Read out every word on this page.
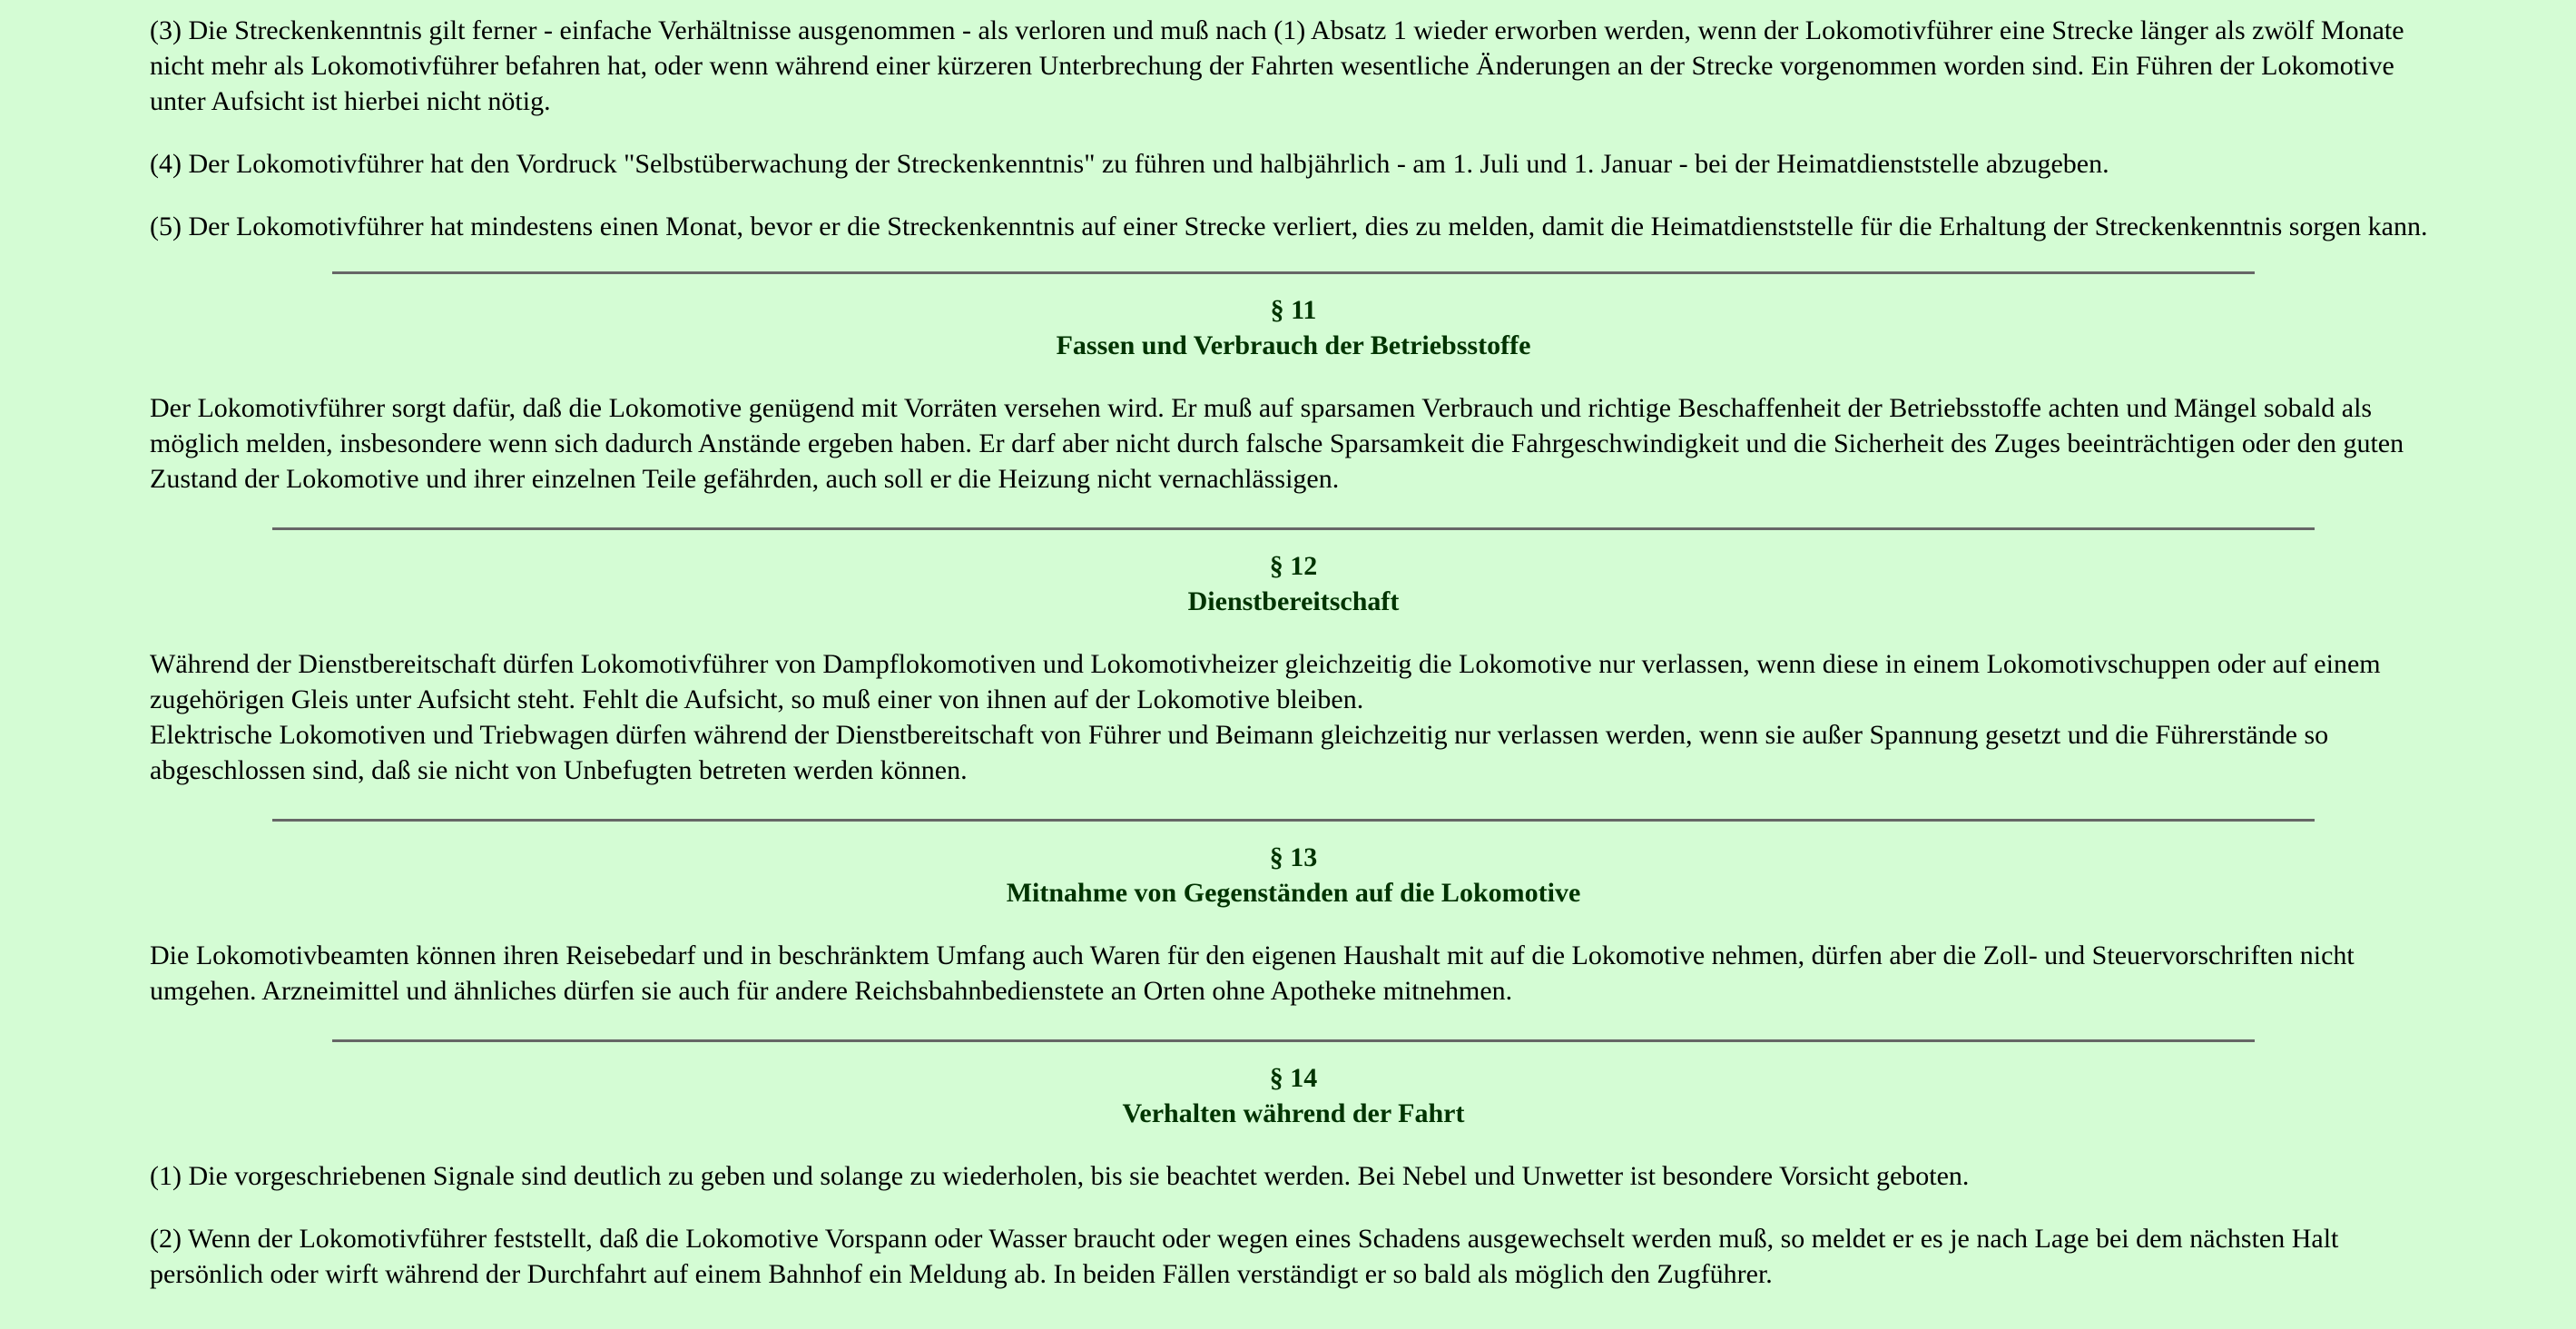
(3) Die Streckenkenntnis gilt ferner - einfache Verhältnisse ausgenommen - als verloren und muß nach (1) Absatz 1 wieder erworben werden, wenn der Lokomotivführer eine Strecke länger als zwölf Monate nicht mehr als Lokomotivführer befahren hat, oder wenn während einer kürzeren Unterbrechung der Fahrten wesentliche Änderungen an der Strecke vorgenommen worden sind. Ein Führen der Lokomotive unter Aufsicht ist hierbei nicht nötig.

(4) Der Lokomotivführer hat den Vordruck "Selbstüberwachung der Streckenkenntnis" zu führen und halbjährlich - am 1. Juli und 1. Januar - bei der Heimatdienststelle abzugeben.

(5) Der Lokomotivführer hat mindestens einen Monat, bevor er die Streckenkenntnis auf einer Strecke verliert, dies zu melden, damit die Heimatdienststelle für die Erhaltung der Streckenkenntnis sorgen kann.

§ 11
Fassen und Verbrauch der Betriebsstoffe

Der Lokomotivführer sorgt dafür, daß die Lokomotive genügend mit Vorräten versehen wird. Er muß auf sparsamen Verbrauch und richtige Beschaffenheit der Betriebsstoffe achten und Mängel sobald als möglich melden, insbesondere wenn sich dadurch Anstände ergeben haben. Er darf aber nicht durch falsche Sparsamkeit die Fahrgeschwindigkeit und die Sicherheit des Zuges beeinträchtigen oder den guten Zustand der Lokomotive und ihrer einzelnen Teile gefährden, auch soll er die Heizung nicht vernachlässigen.

§ 12
Dienstbereitschaft

Während der Dienstbereitschaft dürfen Lokomotivführer von Dampflokomotiven und Lokomotivheizer gleichzeitig die Lokomotive nur verlassen, wenn diese in einem Lokomotivschuppen oder auf einem zugehörigen Gleis unter Aufsicht steht. Fehlt die Aufsicht, so muß einer von ihnen auf der Lokomotive bleiben.

Elektrische Lokomotiven und Triebwagen dürfen während der Dienstbereitschaft von Führer und Beimann gleichzeitig nur verlassen werden, wenn sie außer Spannung gesetzt und die Führerstände so abgeschlossen sind, daß sie nicht von Unbefugten betreten werden können.

§ 13
Mitnahme von Gegenständen auf die Lokomotive

Die Lokomotivbeamten können ihren Reisebedarf und in beschränktem Umfang auch Waren für den eigenen Haushalt mit auf die Lokomotive nehmen, dürfen aber die Zoll- und Steuervorschriften nicht umgehen. Arzneimittel und ähnliches dürfen sie auch für andere Reichsbahnbedienstete an Orten ohne Apotheke mitnehmen.

§ 14
Verhalten während der Fahrt

(1) Die vorgeschriebenen Signale sind deutlich zu geben und solange zu wiederholen, bis sie beachtet werden. Bei Nebel und Unwetter ist besondere Vorsicht geboten.

(2) Wenn der Lokomotivführer feststellt, daß die Lokomotive Vorspann oder Wasser braucht oder wegen eines Schadens ausgewechselt werden muß, so meldet er es je nach Lage bei dem nächsten Halt persönlich oder wirft während der Durchfahrt auf einem Bahnhof ein Meldung ab. In beiden Fällen verständigt er so bald als möglich den Zugführer.
